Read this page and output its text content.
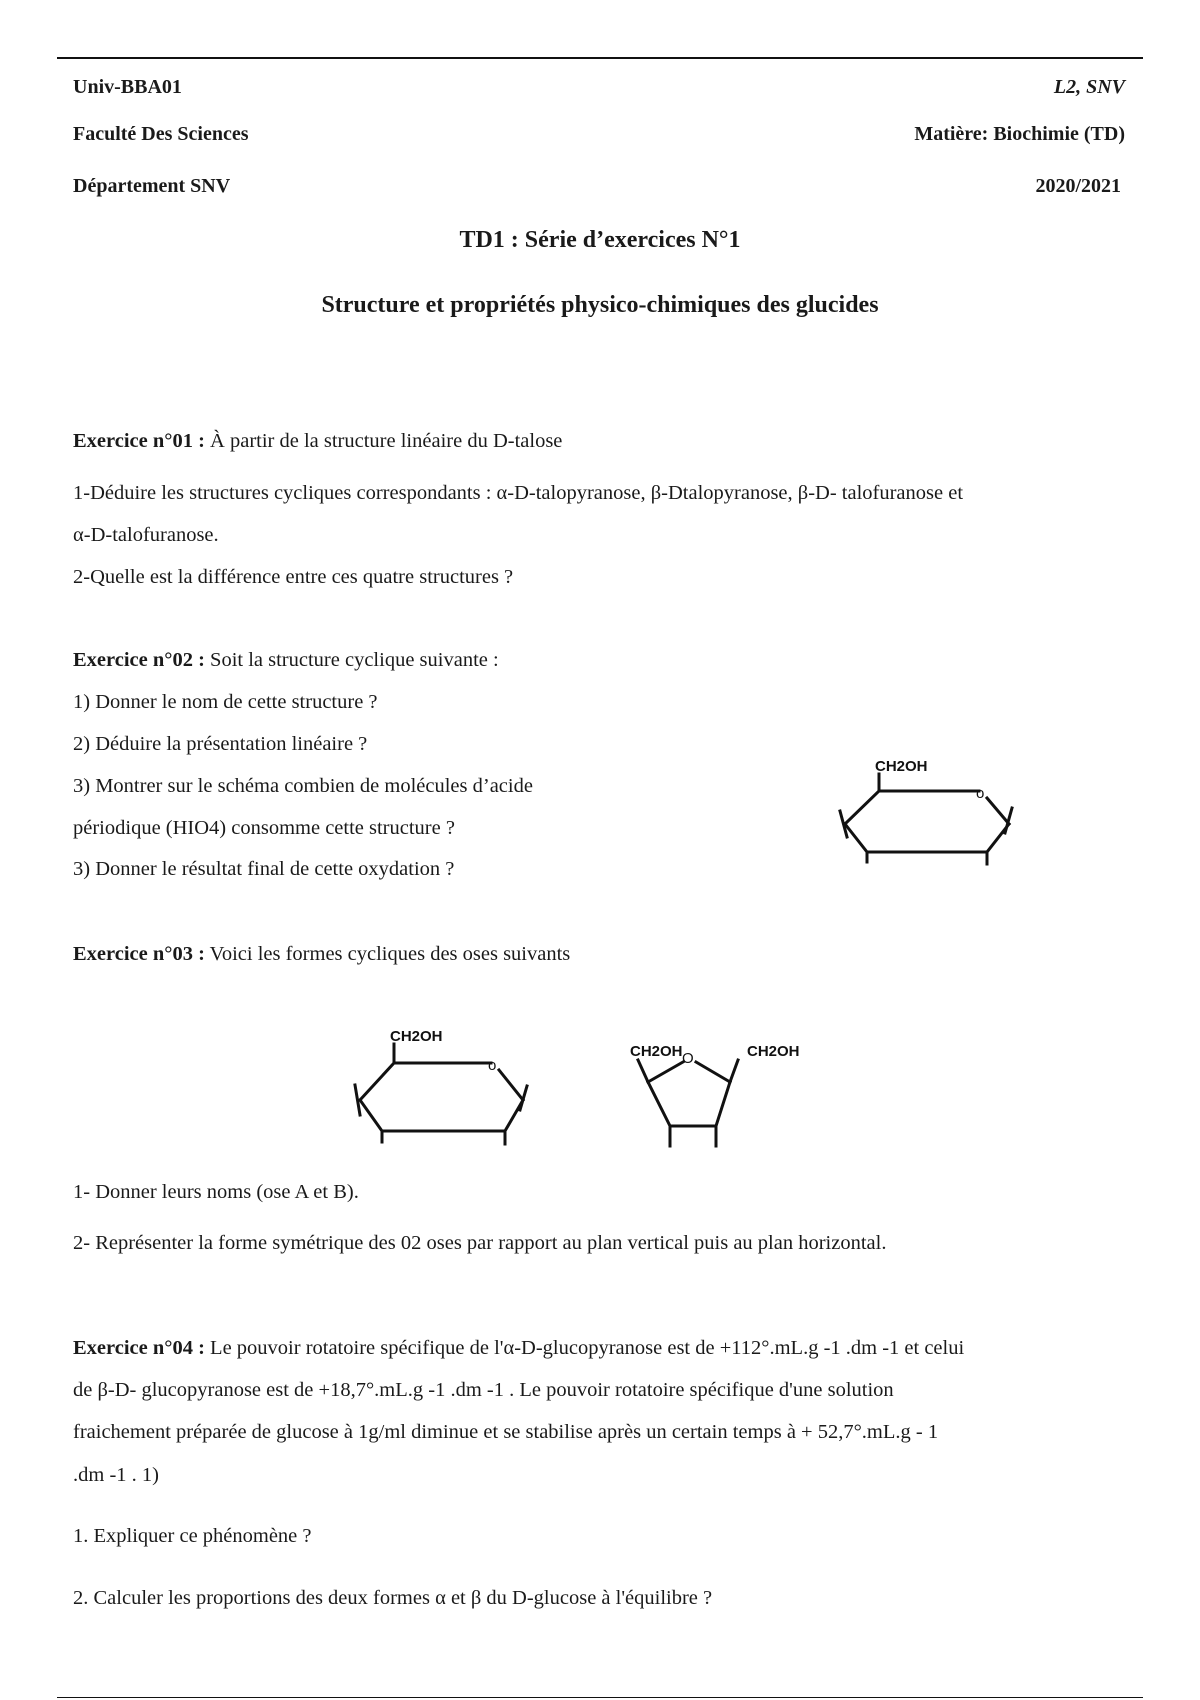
Univ-BBA01
Faculté Des Sciences
Département SNV
L2, SNV
Matière: Biochimie (TD)
2020/2021
TD1 : Série d’exercices N°1
Structure et propriétés physico-chimiques des glucides
Exercice n°01 : À partir de la structure linéaire du D-talose
1-Déduire les structures cycliques correspondants : α-D-talopyranose, β-Dtalopyranose, β-D- talofuranose et
α-D-talofuranose.
2-Quelle est la différence entre ces quatre structures ?
Exercice n°02 : Soit la structure cyclique suivante :
1) Donner le nom de cette structure ?
2) Déduire la présentation linéaire ?
3) Montrer sur le schéma combien de molécules d’acide
périodique (HIO4) consomme cette structure ?
3) Donner le résultat final de cette oxydation ?
CH2OH
o
Exercice n°03 : Voici les formes cycliques des oses suivants
CH2OH
o
CH2OH	CH2OH
O
1- Donner leurs noms (ose A et B).
2- Représenter la forme symétrique des 02 oses par rapport au plan vertical puis au plan horizontal.
Exercice n°04 : Le pouvoir rotatoire spécifique de l'α-D-glucopyranose est de +112°.mL.g -1 .dm -1 et celui
de β-D- glucopyranose est de +18,7°.mL.g -1 .dm -1 . Le pouvoir rotatoire spécifique d'une solution
fraichement préparée de glucose à 1g/ml diminue et se stabilise après un certain temps à + 52,7°.mL.g - 1
.dm -1 . 1)
1. Expliquer ce phénomène ?
2. Calculer les proportions des deux formes α et β du D-glucose à l'équilibre ?
